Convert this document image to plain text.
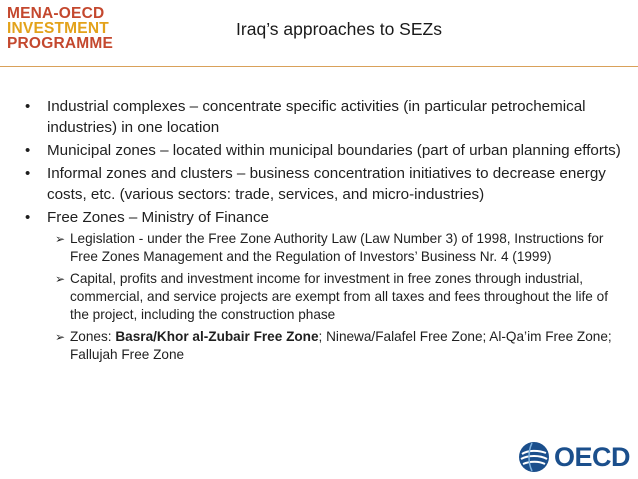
MENA-OECD
INVESTMENT
PROGRAMME
Iraq’s approaches to SEZs
• Industrial complexes – concentrate specific activities (in particular petrochemical industries) in one location
• Municipal zones – located within municipal boundaries (part of urban planning efforts)
• Informal zones and clusters – business concentration initiatives to decrease energy costs, etc. (various sectors: trade, services, and micro-industries)
• Free Zones – Ministry of Finance
➢ Legislation - under the Free Zone Authority Law (Law Number 3) of 1998, Instructions for Free Zones Management and the Regulation of Investors’ Business Nr. 4 (1999)
➢ Capital, profits and investment income for investment in free zones through industrial, commercial, and service projects are exempt from all taxes and fees throughout the life of the project, including the construction phase
➢ Zones: Basra/Khor al-Zubair Free Zone; Ninewa/Falafel Free Zone; Al-Qa’im Free Zone; Fallujah Free Zone
OECD
